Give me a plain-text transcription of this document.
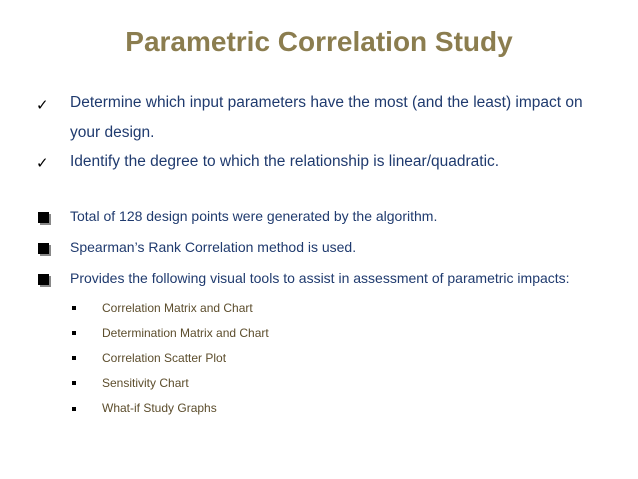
Parametric Correlation Study
✓ Determine which input parameters have the most (and the least) impact on your design.
✓ Identify the degree to which the relationship is linear/quadratic.
Total of 128 design points were generated by the algorithm.
Spearman’s Rank Correlation method is used.
Provides the following visual tools to assist in assessment of parametric impacts:
Correlation Matrix and Chart
Determination Matrix and Chart
Correlation Scatter Plot
Sensitivity Chart
What-if Study Graphs
